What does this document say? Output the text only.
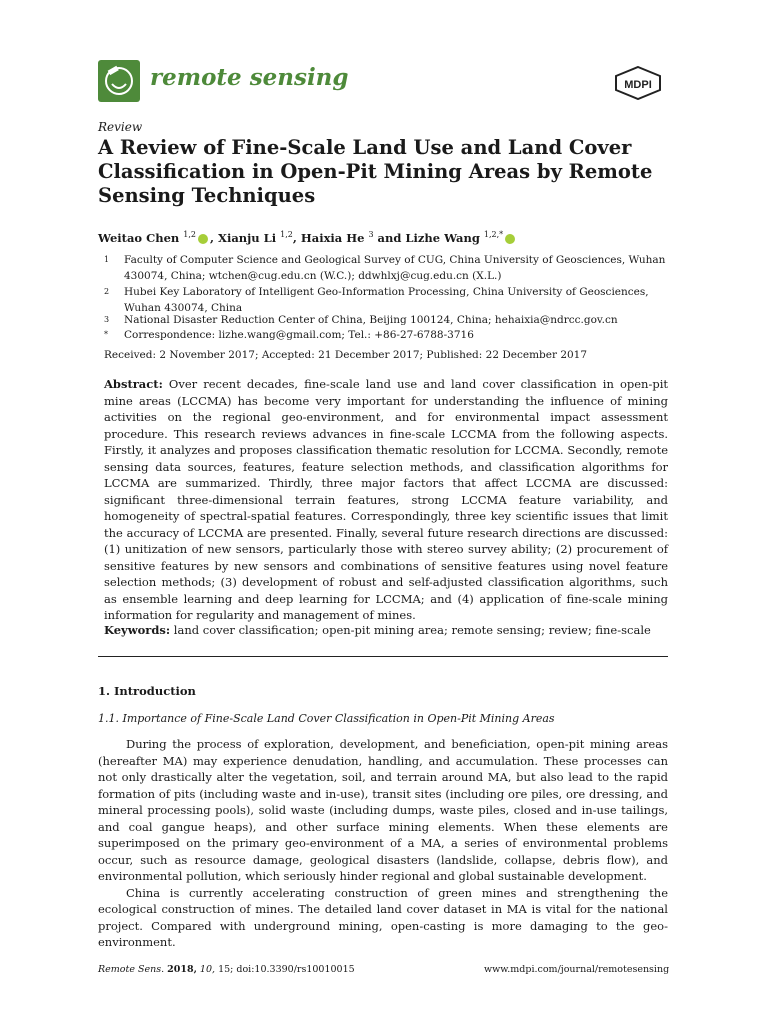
remote sensing	MDPI
Review
A Review of Fine-Scale Land Use and Land Cover Classification in Open-Pit Mining Areas by Remote Sensing Techniques
Weitao Chen $^{1,2}$ , Xianju Li $^{1,2}$, Haixia He $^3$ and Lizhe Wang $^{1,2,*}$
1 Faculty of Computer Science and Geological Survey of CUG, China University of Geosciences, Wuhan 430074, China; wtchen@cug.edu.cn (W.C.); ddwhlxj@cug.edu.cn (X.L.)
2 Hubei Key Laboratory of Intelligent Geo-Information Processing, China University of Geosciences, Wuhan 430074, China
3 National Disaster Reduction Center of China, Beijing 100124, China; hehaixia@ndrcc.gov.cn
* Correspondence: lizhe.wang@gmail.com; Tel.: +86-27-6788-3716
Received: 2 November 2017; Accepted: 21 December 2017; Published: 22 December 2017
Abstract: Over recent decades, fine-scale land use and land cover classification in open-pit mine areas (LCCMA) has become very important for understanding the influence of mining activities on the regional geo-environment, and for environmental impact assessment procedure. This research reviews advances in fine-scale LCCMA from the following aspects. Firstly, it analyzes and proposes classification thematic resolution for LCCMA. Secondly, remote sensing data sources, features, feature selection methods, and classification algorithms for LCCMA are summarized. Thirdly, three major factors that affect LCCMA are discussed: significant three-dimensional terrain features, strong LCCMA feature variability, and homogeneity of spectral-spatial features. Correspondingly, three key scientific issues that limit the accuracy of LCCMA are presented. Finally, several future research directions are discussed: (1) unitization of new sensors, particularly those with stereo survey ability; (2) procurement of sensitive features by new sensors and combinations of sensitive features using novel feature selection methods; (3) development of robust and self-adjusted classification algorithms, such as ensemble learning and deep learning for LCCMA; and (4) application of fine-scale mining information for regularity and management of mines.
Keywords: land cover classification; open-pit mining area; remote sensing; review; fine-scale
1. Introduction
1.1. Importance of Fine-Scale Land Cover Classification in Open-Pit Mining Areas

During the process of exploration, development, and beneficiation, open-pit mining areas (hereafter MA) may experience denudation, handling, and accumulation. These processes can not only drastically alter the vegetation, soil, and terrain around MA, but also lead to the rapid formation of pits (including waste and in-use), transit sites (including ore piles, ore dressing, and mineral processing pools), solid waste (including dumps, waste piles, closed and in-use tailings, and coal gangue heaps), and other surface mining elements. When these elements are superimposed on the primary geo-environment of a MA, a series of environmental problems occur, such as resource damage, geological disasters (landslide, collapse, debris flow), and environmental pollution, which seriously hinder regional and global sustainable development.

China is currently accelerating construction of green mines and strengthening the ecological construction of mines. The detailed land cover dataset in MA is vital for the national project. Compared with underground mining, open-casting is more damaging to the geo-environment.

Remote Sens. 2018, 10, 15; doi:10.3390/rs10010015	www.mdpi.com/journal/remotesensing
